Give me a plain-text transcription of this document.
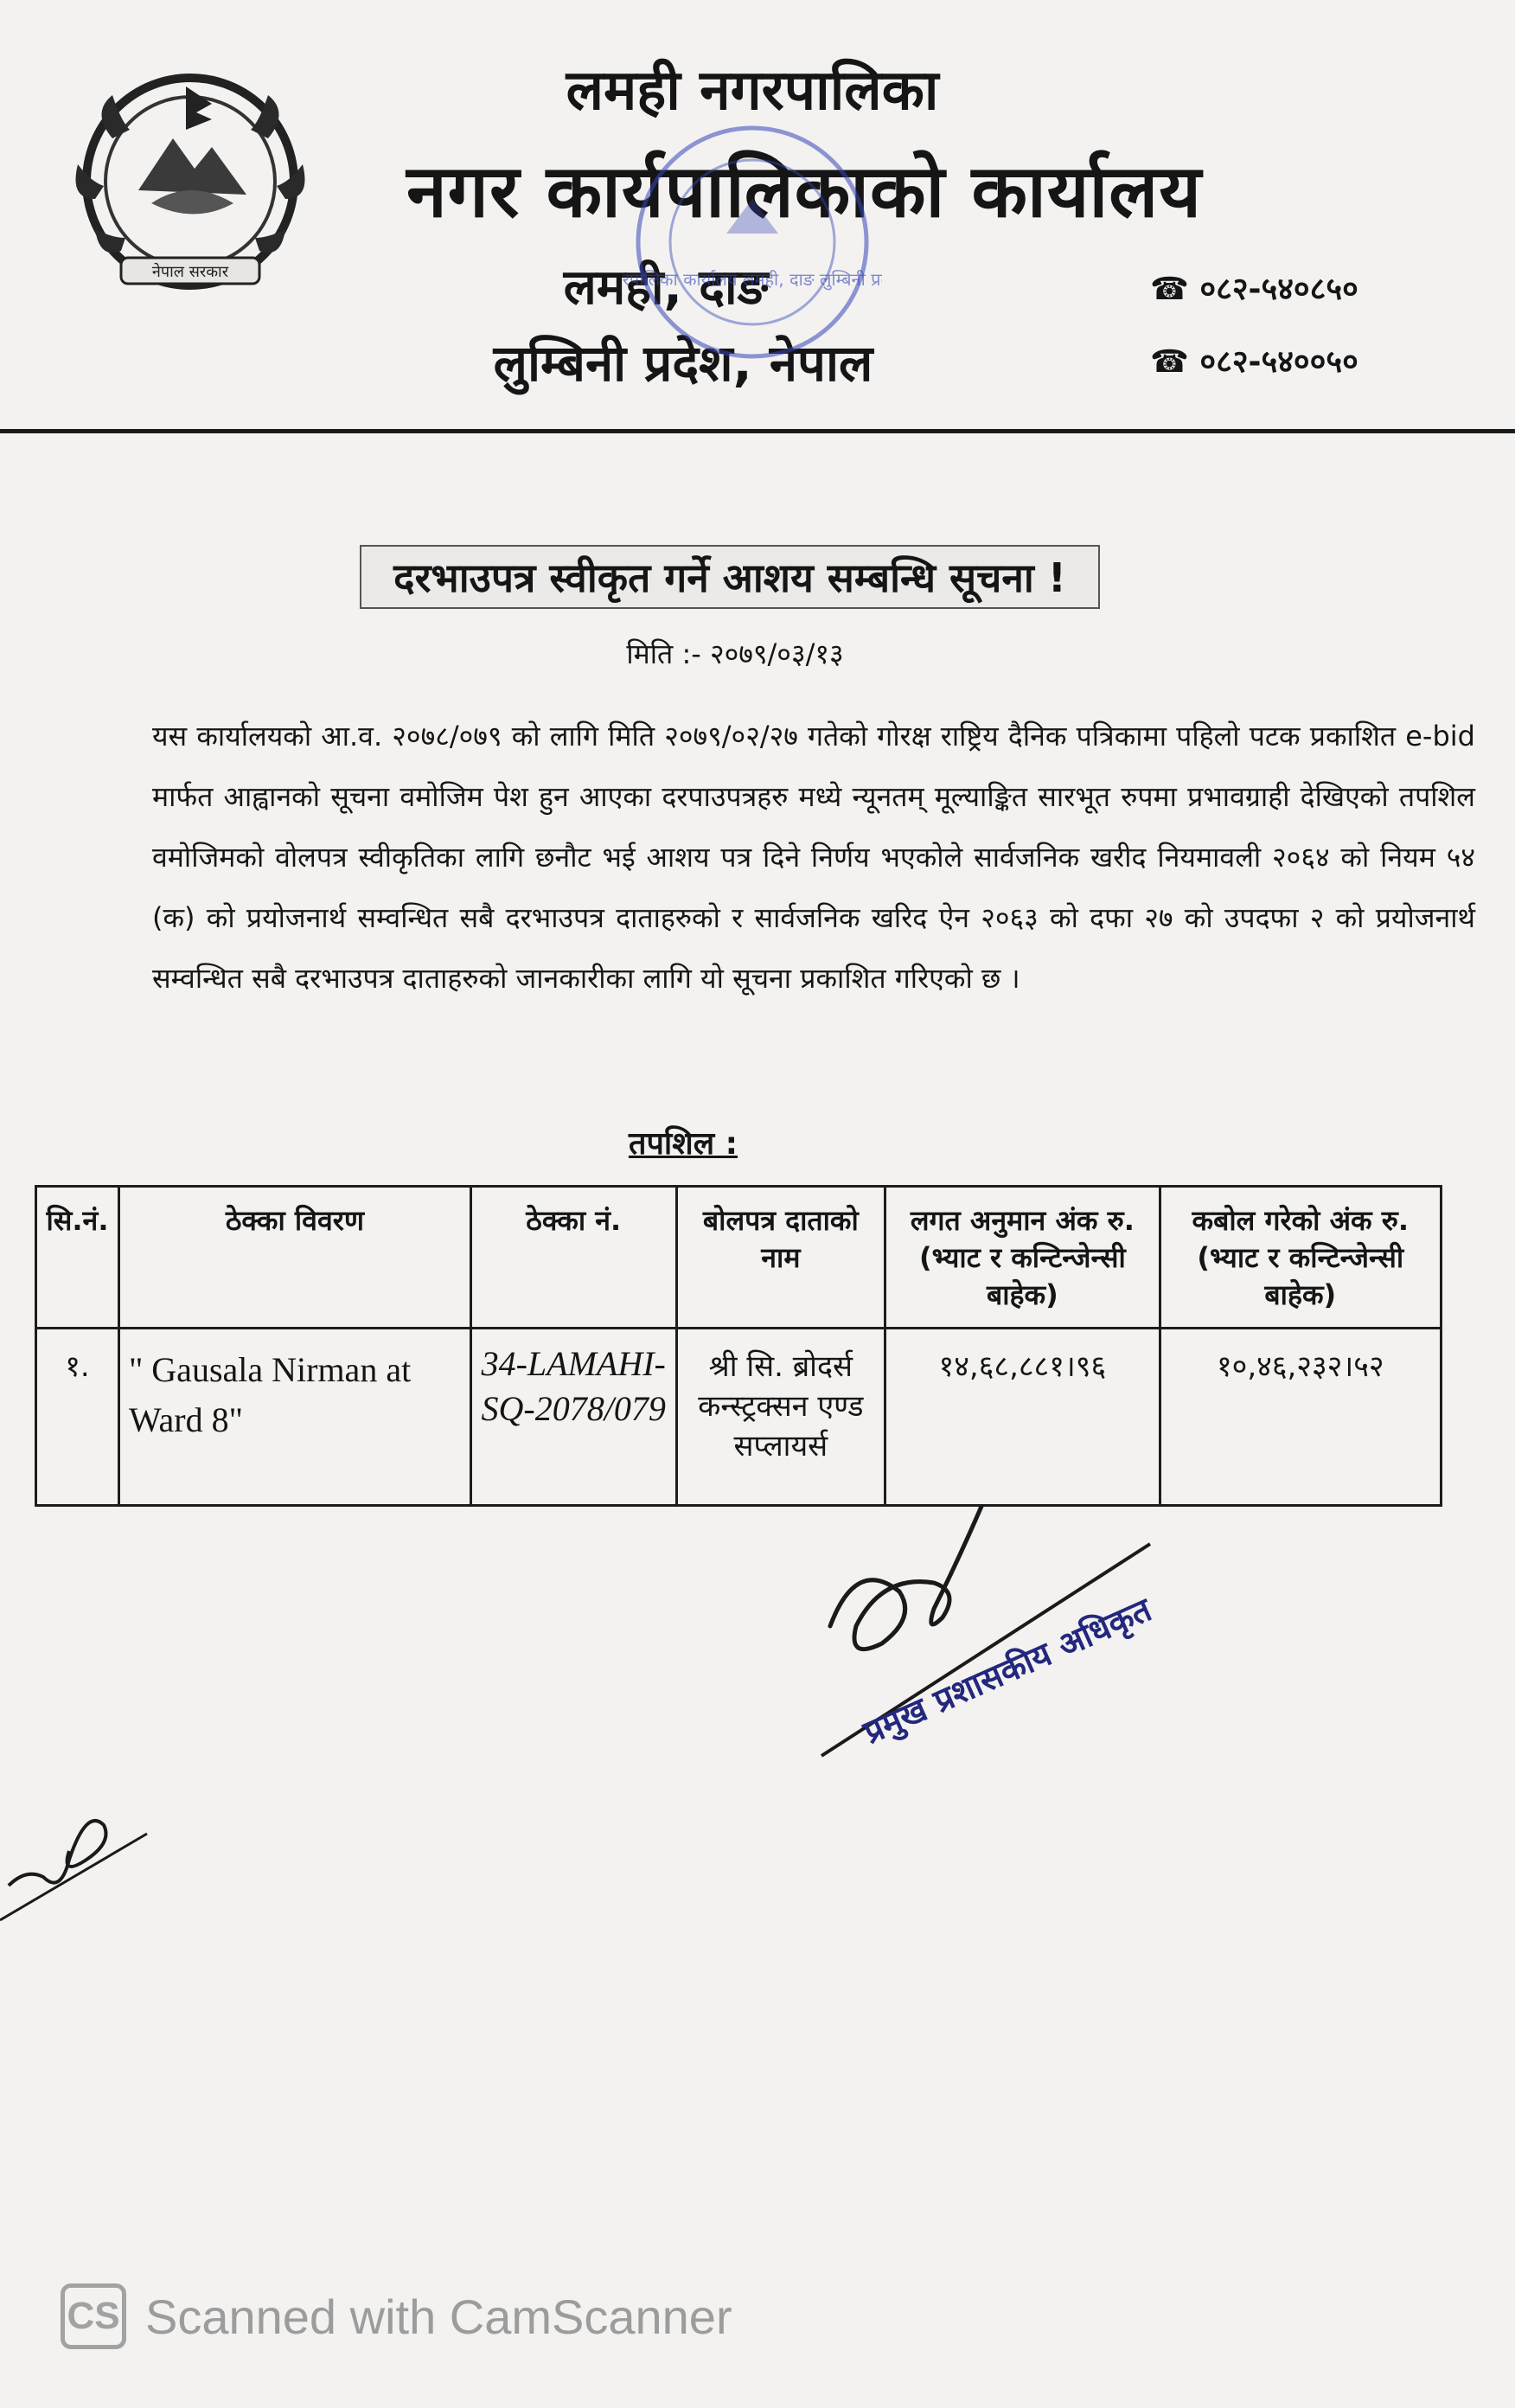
नेपाल सरकार
लमही नगरपालिका
नगर कार्यपालिकाको कार्यालय
लमही, दाङ
लुम्बिनी प्रदेश, नेपाल
☎ ०८२-५४०८५०
☎ ०८२-५४००५०
रपालिका कार्यालय लमही, दाङ लुम्बिनी प्र
दरभाउपत्र स्वीकृत गर्ने आशय सम्बन्धि सूचना !
मिति :- २०७९/०३/१३
यस कार्यालयको आ.व. २०७८/०७९ को लागि मिति २०७९/०२/२७ गतेको गोरक्ष राष्ट्रिय दैनिक पत्रिकामा पहिलो पटक प्रकाशित e-bid मार्फत आह्वानको सूचना वमोजिम पेश हुन आएका दरपाउपत्रहरु मध्ये न्यूनतम् मूल्याङ्कित सारभूत रुपमा प्रभावग्राही देखिएको तपशिल वमोजिमको वोलपत्र स्वीकृतिका लागि छनौट भई आशय पत्र दिने निर्णय भएकोले सार्वजनिक खरीद नियमावली २०६४ को नियम ५४ (क) को प्रयोजनार्थ सम्वन्धित सबै दरभाउपत्र दाताहरुको र सार्वजनिक खरिद ऐन २०६३ को दफा २७ को उपदफा २ को प्रयोजनार्थ सम्वन्धित सबै दरभाउपत्र दाताहरुको जानकारीका लागि यो सूचना प्रकाशित गरिएको छ ।
तपशिल :
सि.नं.	ठेक्का विवरण	ठेक्का नं.	बोलपत्र दाताको नाम	लगत अनुमान अंक रु. (भ्याट र कन्टिन्जेन्सी बाहेक)	कबोल गरेको अंक रु. (भ्याट र कन्टिन्जेन्सी बाहेक)
१.	" Gausala Nirman at Ward 8"	34-LAMAHI-SQ-2078/079	श्री सि. ब्रोदर्स कन्स्ट्रक्सन एण्ड सप्लायर्स	१४,६८,८८१।९६	१०,४६,२३२।५२
प्रमुख प्रशासकीय अधिकृत
CS Scanned with CamScanner
